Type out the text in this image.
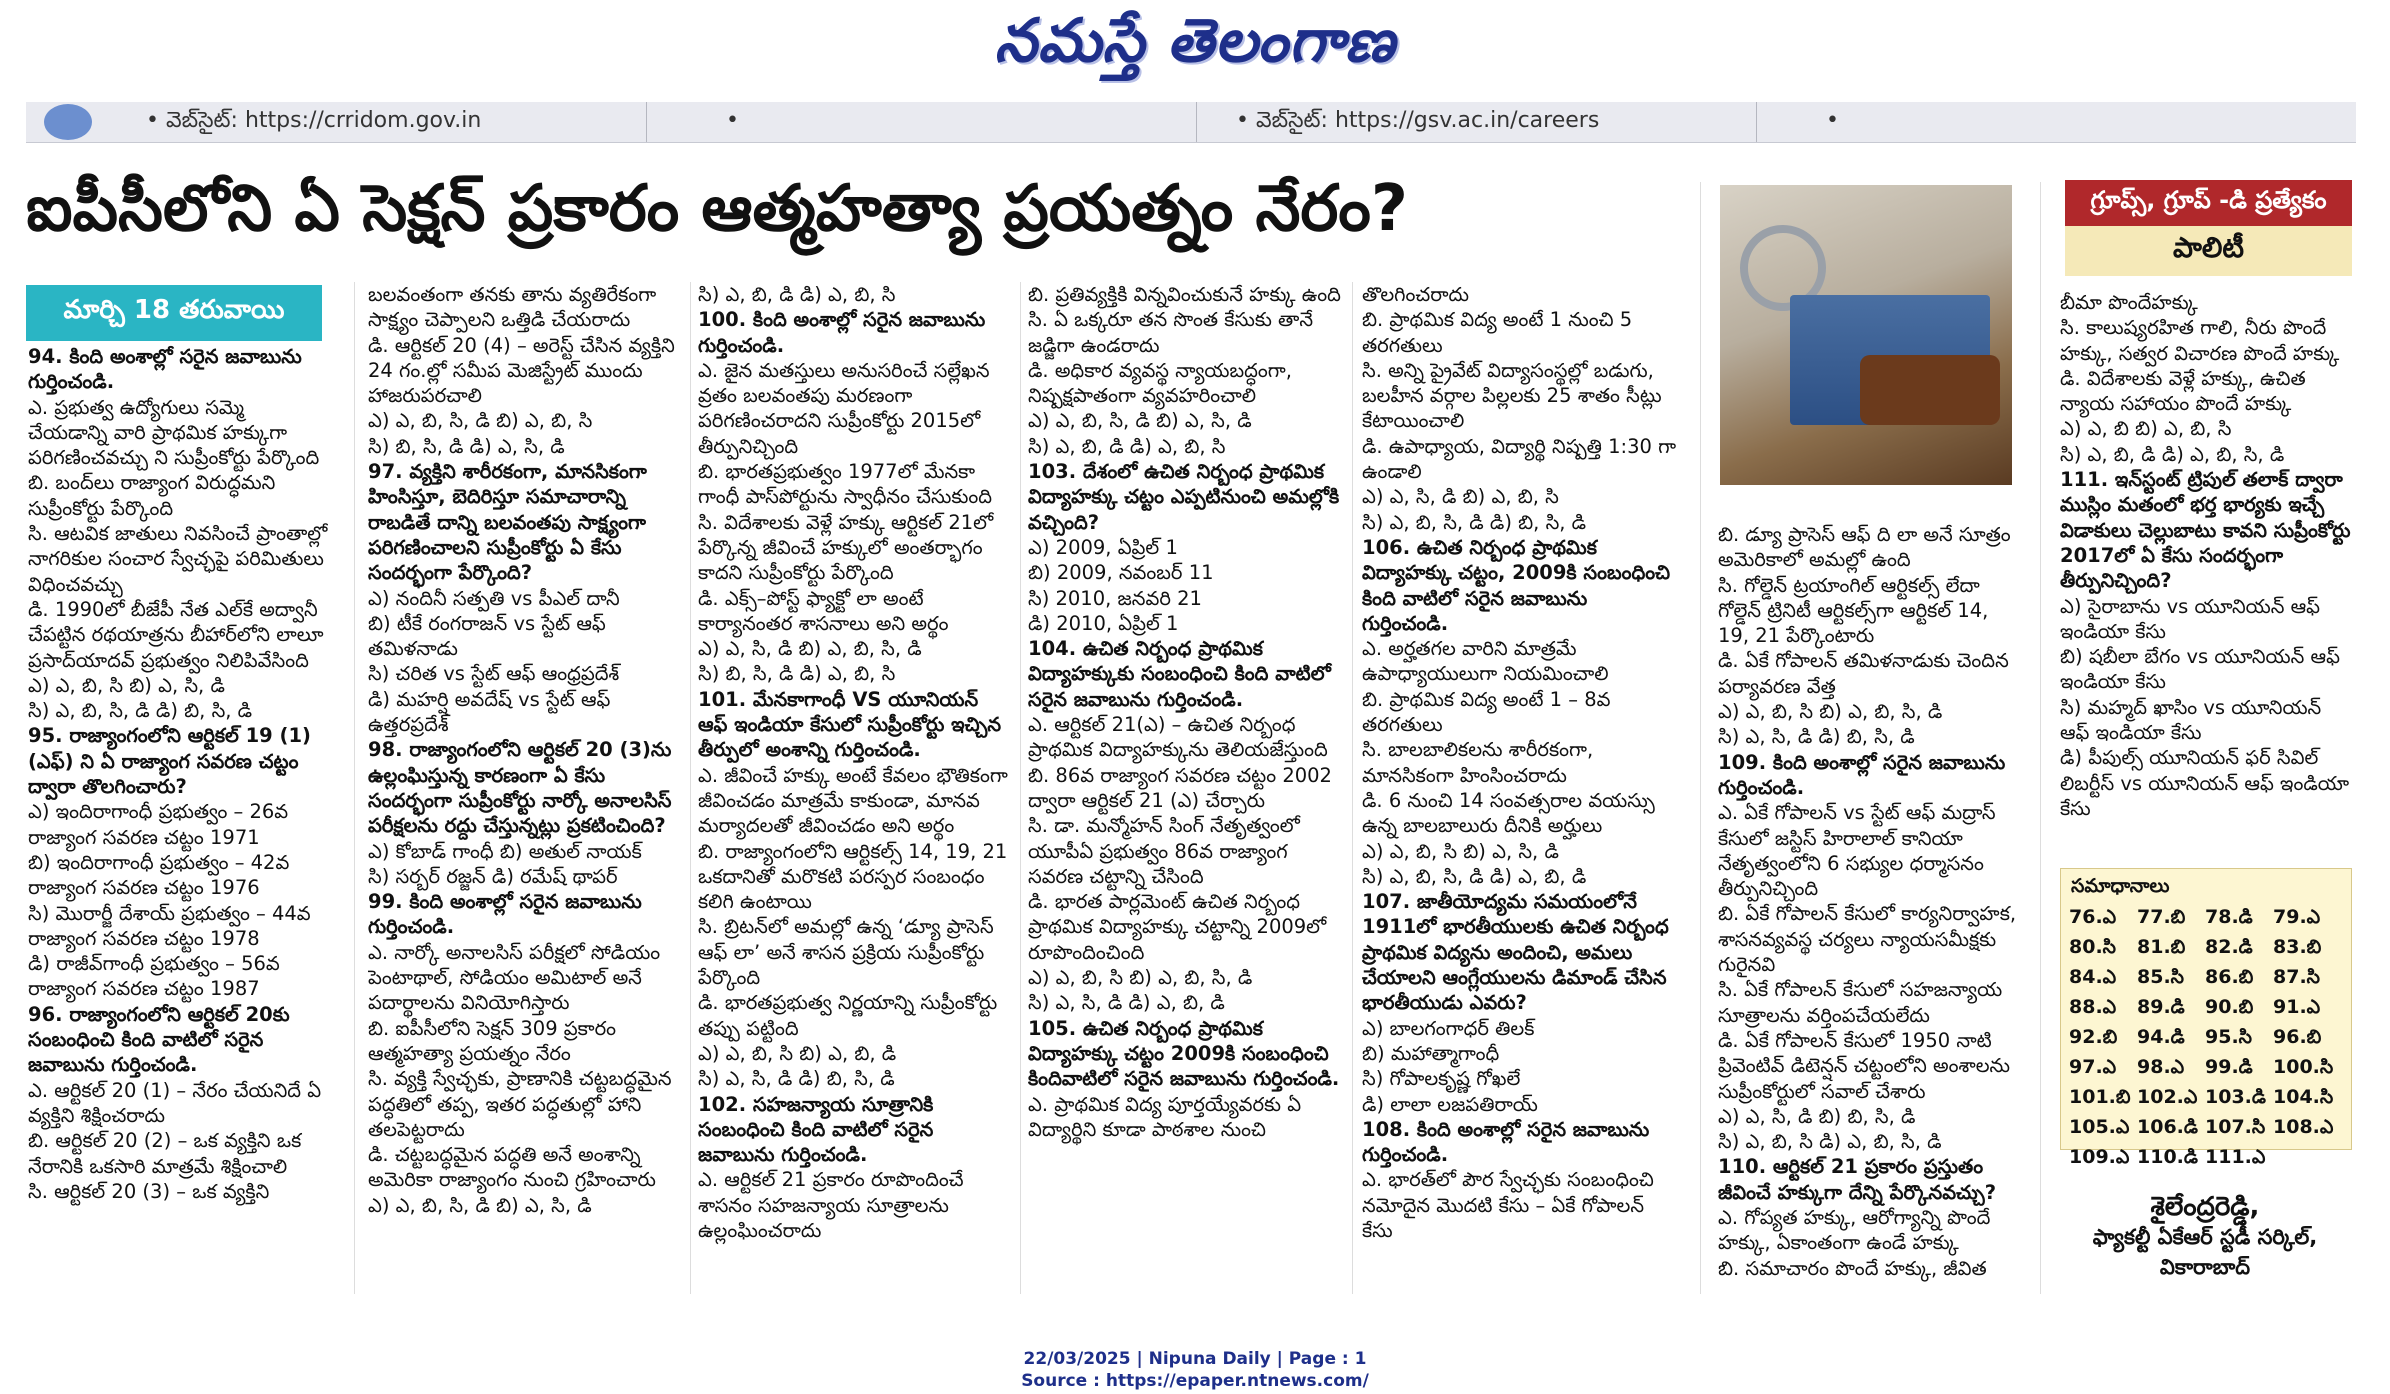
నమస్తే తెలంగాణ
• వెబ్‌సైట్: https://crridom.gov.in	•	• వెబ్‌సైట్: https://gsv.ac.in/careers	•
ఐపీసీలోని ఏ సెక్షన్ ప్రకారం ఆత్మహత్యా ప్రయత్నం నేరం?
మార్చి 18 తరువాయి

94. కింది అంశాల్లో సరైన జవాబును గుర్తించండి.

ఎ. ప్రభుత్వ ఉద్యోగులు సమ్మె చేయడాన్ని వారి ప్రాథమిక హక్కుగా పరిగణించవచ్చు ని సుప్రీంకోర్టు పేర్కొంది

బి. బంద్‌లు రాజ్యాంగ విరుద్ధమని సుప్రీంకోర్టు పేర్కొంది

సి. ఆటవిక జాతులు నివసించే ప్రాంతాల్లో నాగరికుల సంచార స్వేచ్ఛపై పరిమితులు విధించవచ్చు

డి. 1990లో బీజేపీ నేత ఎల్‌కే అద్వానీ చేపట్టిన రథయాత్రను బీహార్‌లోని లాలూ ప్రసాద్‌యాదవ్ ప్రభుత్వం నిలిపివేసింది

ఎ) ఎ, బి, సి బి) ఎ, సి, డి

సి) ఎ, బి, సి, డి డి) బి, సి, డి

95. రాజ్యాంగంలోని ఆర్టికల్ 19 (1) (ఎఫ్) ని ఏ రాజ్యాంగ సవరణ చట్టం ద్వారా తొలగించారు?

ఎ) ఇందిరాగాంధీ ప్రభుత్వం – 26వ రాజ్యాంగ సవరణ చట్టం 1971

బి) ఇందిరాగాంధీ ప్రభుత్వం – 42వ రాజ్యాంగ సవరణ చట్టం 1976

సి) మొరార్జీ దేశాయ్ ప్రభుత్వం – 44వ రాజ్యాంగ సవరణ చట్టం 1978

డి) రాజీవ్‌గాంధీ ప్రభుత్వం – 56వ రాజ్యాంగ సవరణ చట్టం 1987

96. రాజ్యాంగంలోని ఆర్టికల్ 20కు సంబంధించి కింది వాటిలో సరైన జవాబును గుర్తించండి.

ఎ. ఆర్టికల్ 20 (1) – నేరం చేయనిదే ఏ వ్యక్తిని శిక్షించరాదు

బి. ఆర్టికల్ 20 (2) – ఒక వ్యక్తిని ఒక నేరానికి ఒకసారి మాత్రమే శిక్షించాలి

సి. ఆర్టికల్ 20 (3) – ఒక వ్యక్తిని

బలవంతంగా తనకు తాను వ్యతిరేకంగా సాక్ష్యం చెప్పాలని ఒత్తిడి చేయరాదు

డి. ఆర్టికల్ 20 (4) – అరెస్ట్ చేసిన వ్యక్తిని 24 గం.ల్లో సమీప మెజిస్ట్రేట్ ముందు హాజరుపరచాలి

ఎ) ఎ, బి, సి, డి బి) ఎ, బి, సి

సి) బి, సి, డి డి) ఎ, సి, డి

97. వ్యక్తిని శారీరకంగా, మానసికంగా హింసిస్తూ, బెదిరిస్తూ సమాచారాన్ని రాబడితే దాన్ని బలవంతపు సాక్ష్యంగా పరిగణించాలని సుప్రీంకోర్టు ఏ కేసు సందర్భంగా పేర్కొంది?

ఎ) నందినీ సత్పతి vs పీఎల్ దానీ

బి) టీకే రంగరాజన్ vs స్టేట్ ఆఫ్ తమిళనాడు

సి) చరిత vs స్టేట్ ఆఫ్ ఆంధ్రప్రదేశ్

డి) మహర్షి అవదేష్ vs స్టేట్ ఆఫ్ ఉత్తరప్రదేశ్

98. రాజ్యాంగంలోని ఆర్టికల్ 20 (3)ను ఉల్లంఘిస్తున్న కారణంగా ఏ కేసు సందర్భంగా సుప్రీంకోర్టు నార్కో అనాలసిస్ పరీక్షలను రద్దు చేస్తున్నట్లు ప్రకటించింది?

ఎ) కోబాడ్ గాంధీ బి) అతుల్ నాయక్

సి) సర్బర్ రజ్జన్ డి) రమేష్ థాపర్

99. కింది అంశాల్లో సరైన జవాబును గుర్తించండి.

ఎ. నార్కో అనాలసిస్ పరీక్షలో సోడియం పెంటాథాల్, సోడియం అమిటాల్ అనే పదార్థాలను వినియోగిస్తారు

బి. ఐపీసీలోని సెక్షన్ 309 ప్రకారం ఆత్మహత్యా ప్రయత్నం నేరం

సి. వ్యక్తి స్వేచ్ఛకు, ప్రాణానికి చట్టబద్ధమైన పద్ధతిలో తప్ప, ఇతర పద్ధతుల్లో హాని తలపెట్టరాదు

డి. చట్టబద్ధమైన పద్ధతి అనే అంశాన్ని అమెరికా రాజ్యాంగం నుంచి గ్రహించారు

ఎ) ఎ, బి, సి, డి బి) ఎ, సి, డి

సి) ఎ, బి, డి డి) ఎ, బి, సి

100. కింది అంశాల్లో సరైన జవాబును గుర్తించండి.

ఎ. జైన మతస్తులు అనుసరించే సల్లేఖన వ్రతం బలవంతపు మరణంగా పరిగణించరాదని సుప్రీంకోర్టు 2015లో తీర్పునిచ్చింది

బి. భారతప్రభుత్వం 1977లో మేనకా గాంధీ పాస్‌పోర్టును స్వాధీనం చేసుకుంది

సి. విదేశాలకు వెళ్లే హక్కు ఆర్టికల్ 21లో పేర్కొన్న జీవించే హక్కులో అంతర్భాగం కాదని సుప్రీంకోర్టు పేర్కొంది

డి. ఎక్స్–పోస్ట్ ఫ్యాక్టో లా అంటే కార్యానంతర శాసనాలు అని అర్థం

ఎ) ఎ, సి, డి బి) ఎ, బి, సి, డి

సి) బి, సి, డి డి) ఎ, బి, సి

101. మేనకాగాంధీ VS యూనియన్ ఆఫ్ ఇండియా కేసులో సుప్రీంకోర్టు ఇచ్చిన తీర్పులో అంశాన్ని గుర్తించండి.

ఎ. జీవించే హక్కు అంటే కేవలం భౌతికంగా జీవించడం మాత్రమే కాకుండా, మానవ మర్యాదలతో జీవించడం అని అర్థం

బి. రాజ్యాంగంలోని ఆర్టికల్స్ 14, 19, 21 ఒకదానితో మరొకటి పరస్పర సంబంధం కలిగి ఉంటాయి

సి. బ్రిటన్‌లో అమల్లో ఉన్న ‘డ్యూ ప్రాసెస్ ఆఫ్ లా’ అనే శాసన ప్రక్రియ సుప్రీంకోర్టు పేర్కొంది

డి. భారతప్రభుత్వ నిర్ణయాన్ని సుప్రీంకోర్టు తప్పు పట్టింది

ఎ) ఎ, బి, సి బి) ఎ, బి, డి

సి) ఎ, సి, డి డి) బి, సి, డి

102. సహజన్యాయ సూత్రానికి సంబంధించి కింది వాటిలో సరైన జవాబును గుర్తించండి.

ఎ. ఆర్టికల్ 21 ప్రకారం రూపొందించే శాసనం సహజన్యాయ సూత్రాలను ఉల్లంఘించరాదు

బి. ప్రతివ్యక్తికి విన్నవించుకునే హక్కు ఉంది

సి. ఏ ఒక్కరూ తన సొంత కేసుకు తానే జడ్జిగా ఉండరాదు

డి. అధికార వ్యవస్థ న్యాయబద్ధంగా, నిష్పక్షపాతంగా వ్యవహరించాలి

ఎ) ఎ, బి, సి, డి బి) ఎ, సి, డి

సి) ఎ, బి, డి డి) ఎ, బి, సి

103. దేశంలో ఉచిత నిర్బంధ ప్రాథమిక విద్యాహక్కు చట్టం ఎప్పటినుంచి అమల్లోకి వచ్చింది?

ఎ) 2009, ఏప్రిల్ 1

బి) 2009, నవంబర్ 11

సి) 2010, జనవరి 21

డి) 2010, ఏప్రిల్ 1

104. ఉచిత నిర్బంధ ప్రాథమిక విద్యాహక్కుకు సంబంధించి కింది వాటిలో సరైన జవాబును గుర్తించండి.

ఎ. ఆర్టికల్ 21(ఎ) – ఉచిత నిర్బంధ ప్రాథమిక విద్యాహక్కును తెలియజేస్తుంది

బి. 86వ రాజ్యాంగ సవరణ చట్టం 2002 ద్వారా ఆర్టికల్ 21 (ఎ) చేర్చారు

సి. డా. మన్మోహన్ సింగ్ నేతృత్వంలో యూపీఏ ప్రభుత్వం 86వ రాజ్యాంగ సవరణ చట్టాన్ని చేసింది

డి. భారత పార్లమెంట్ ఉచిత నిర్బంధ ప్రాథమిక విద్యాహక్కు చట్టాన్ని 2009లో రూపొందించింది

ఎ) ఎ, బి, సి బి) ఎ, బి, సి, డి

సి) ఎ, సి, డి డి) ఎ, బి, డి

105. ఉచిత నిర్బంధ ప్రాథమిక విద్యాహక్కు చట్టం 2009కి సంబంధించి కిందివాటిలో సరైన జవాబును గుర్తించండి.

ఎ. ప్రాథమిక విద్య పూర్తయ్యేవరకు ఏ విద్యార్థిని కూడా పాఠశాల నుంచి

తొలగించరాదు

బి. ప్రాథమిక విద్య అంటే 1 నుంచి 5 తరగతులు

సి. అన్ని ప్రైవేట్ విద్యాసంస్థల్లో బడుగు, బలహీన వర్గాల పిల్లలకు 25 శాతం సీట్లు కేటాయించాలి

డి. ఉపాధ్యాయ, విద్యార్థి నిష్పత్తి 1:30 గా ఉండాలి

ఎ) ఎ, సి, డి బి) ఎ, బి, సి

సి) ఎ, బి, సి, డి డి) బి, సి, డి

106. ఉచిత నిర్బంధ ప్రాథమిక విద్యాహక్కు చట్టం, 2009కి సంబంధించి కింది వాటిలో సరైన జవాబును గుర్తించండి.

ఎ. అర్హతగల వారిని మాత్రమే ఉపాధ్యాయులుగా నియమించాలి

బి. ప్రాథమిక విద్య అంటే 1 – 8వ తరగతులు

సి. బాలబాలికలను శారీరకంగా, మానసికంగా హింసించరాదు

డి. 6 నుంచి 14 సంవత్సరాల వయస్సు ఉన్న బాలబాలురు దీనికి అర్హులు

ఎ) ఎ, బి, సి బి) ఎ, సి, డి

సి) ఎ, బి, సి, డి డి) ఎ, బి, డి

107. జాతీయోద్యమ సమయంలోనే 1911లో భారతీయులకు ఉచిత నిర్బంధ ప్రాథమిక విద్యను అందించి, అమలు చేయాలని ఆంగ్లేయులను డిమాండ్ చేసిన భారతీయుడు ఎవరు?

ఎ) బాలగంగాధర్ తిలక్

బి) మహాత్మాగాంధీ

సి) గోపాలకృష్ణ గోఖలే

డి) లాలా లజపతిరాయ్

108. కింది అంశాల్లో సరైన జవాబును గుర్తించండి.

ఎ. భారత్‌లో పౌర స్వేచ్ఛకు సంబంధించి నమోదైన మొదటి కేసు – ఏకే గోపాలన్ కేసు

బి. డ్యూ ప్రాసెస్ ఆఫ్ ది లా అనే సూత్రం అమెరికాలో అమల్లో ఉంది

సి. గోల్డెన్ ట్రయాంగిల్ ఆర్టికల్స్ లేదా గోల్డెన్ ట్రినిటీ ఆర్టికల్స్‌గా ఆర్టికల్ 14, 19, 21 పేర్కొంటారు

డి. ఏకే గోపాలన్ తమిళనాడుకు చెందిన పర్యావరణ వేత్త

ఎ) ఎ, బి, సి బి) ఎ, బి, సి, డి

సి) ఎ, సి, డి డి) బి, సి, డి

109. కింది అంశాల్లో సరైన జవాబును గుర్తించండి.

ఎ. ఏకే గోపాలన్ vs స్టేట్ ఆఫ్ మద్రాస్ కేసులో జస్టిస్ హిరాలాల్ కానియా నేతృత్వంలోని 6 సభ్యుల ధర్మాసనం తీర్పునిచ్చింది

బి. ఏకే గోపాలన్ కేసులో కార్యనిర్వాహక, శాసనవ్యవస్థ చర్యలు న్యాయసమీక్షకు గురైనవి

సి. ఏకే గోపాలన్ కేసులో సహజన్యాయ సూత్రాలను వర్తింపచేయలేదు

డి. ఏకే గోపాలన్ కేసులో 1950 నాటి ప్రివెంటివ్ డిటెన్షన్ చట్టంలోని అంశాలను సుప్రీంకోర్టులో సవాల్ చేశారు

ఎ) ఎ, సి, డి బి) బి, సి, డి

సి) ఎ, బి, సి డి) ఎ, బి, సి, డి

110. ఆర్టికల్ 21 ప్రకారం ప్రస్తుతం జీవించే హక్కుగా దేన్ని పేర్కొనవచ్చు?

ఎ. గోప్యత హక్కు, ఆరోగ్యాన్ని పొందే హక్కు, ఏకాంతంగా ఉండే హక్కు

బి. సమాచారం పొందే హక్కు, జీవిత

బీమా పొందేహక్కు

సి. కాలుష్యరహిత గాలి, నీరు పొందే హక్కు, సత్వర విచారణ పొందే హక్కు

డి. విదేశాలకు వెళ్లే హక్కు, ఉచిత న్యాయ సహాయం పొందే హక్కు

ఎ) ఎ, బి బి) ఎ, బి, సి

సి) ఎ, బి, డి డి) ఎ, బి, సి, డి

111. ఇన్‌స్టంట్ ట్రిపుల్ తలాక్ ద్వారా ముస్లిం మతంలో భర్త భార్యకు ఇచ్చే విడాకులు చెల్లుబాటు కావని సుప్రీంకోర్టు 2017లో ఏ కేసు సందర్భంగా తీర్పునిచ్చింది?

ఎ) సైరాబాను vs యూనియన్ ఆఫ్ ఇండియా కేసు

బి) షబీలా బేగం vs యూనియన్ ఆఫ్ ఇండియా కేసు

సి) మహ్మద్ ఖాసిం vs యూనియన్ ఆఫ్ ఇండియా కేసు

డి) పీపుల్స్ యూనియన్ ఫర్ సివిల్ లిబర్టీస్ vs యూనియన్ ఆఫ్ ఇండియా కేసు

గ్రూప్స్, గ్రూప్ -డి ప్రత్యేకం
పాలిటీ
సమాధానాలు
76.ఎ	77.బి	78.డి	79.ఎ
80.సి	81.బి	82.డి	83.బి
84.ఎ	85.సి	86.బి	87.సి
88.ఎ	89.డి	90.బి	91.ఎ
92.బి	94.డి	95.సి	96.బి
97.ఎ	98.ఎ	99.డి	100.సి
101.బి	102.ఎ	103.డి	104.సి
105.ఎ	106.డి	107.సి	108.ఎ
109.ఎ	110.డి	111.ఎ	
శైలేంద్రరెడ్డి,
ఫ్యాకల్టీ ఏకేఆర్ స్టడీ సర్కిల్,
వికారాబాద్
22/03/2025 | Nipuna Daily | Page : 1
Source : https://epaper.ntnews.com/
